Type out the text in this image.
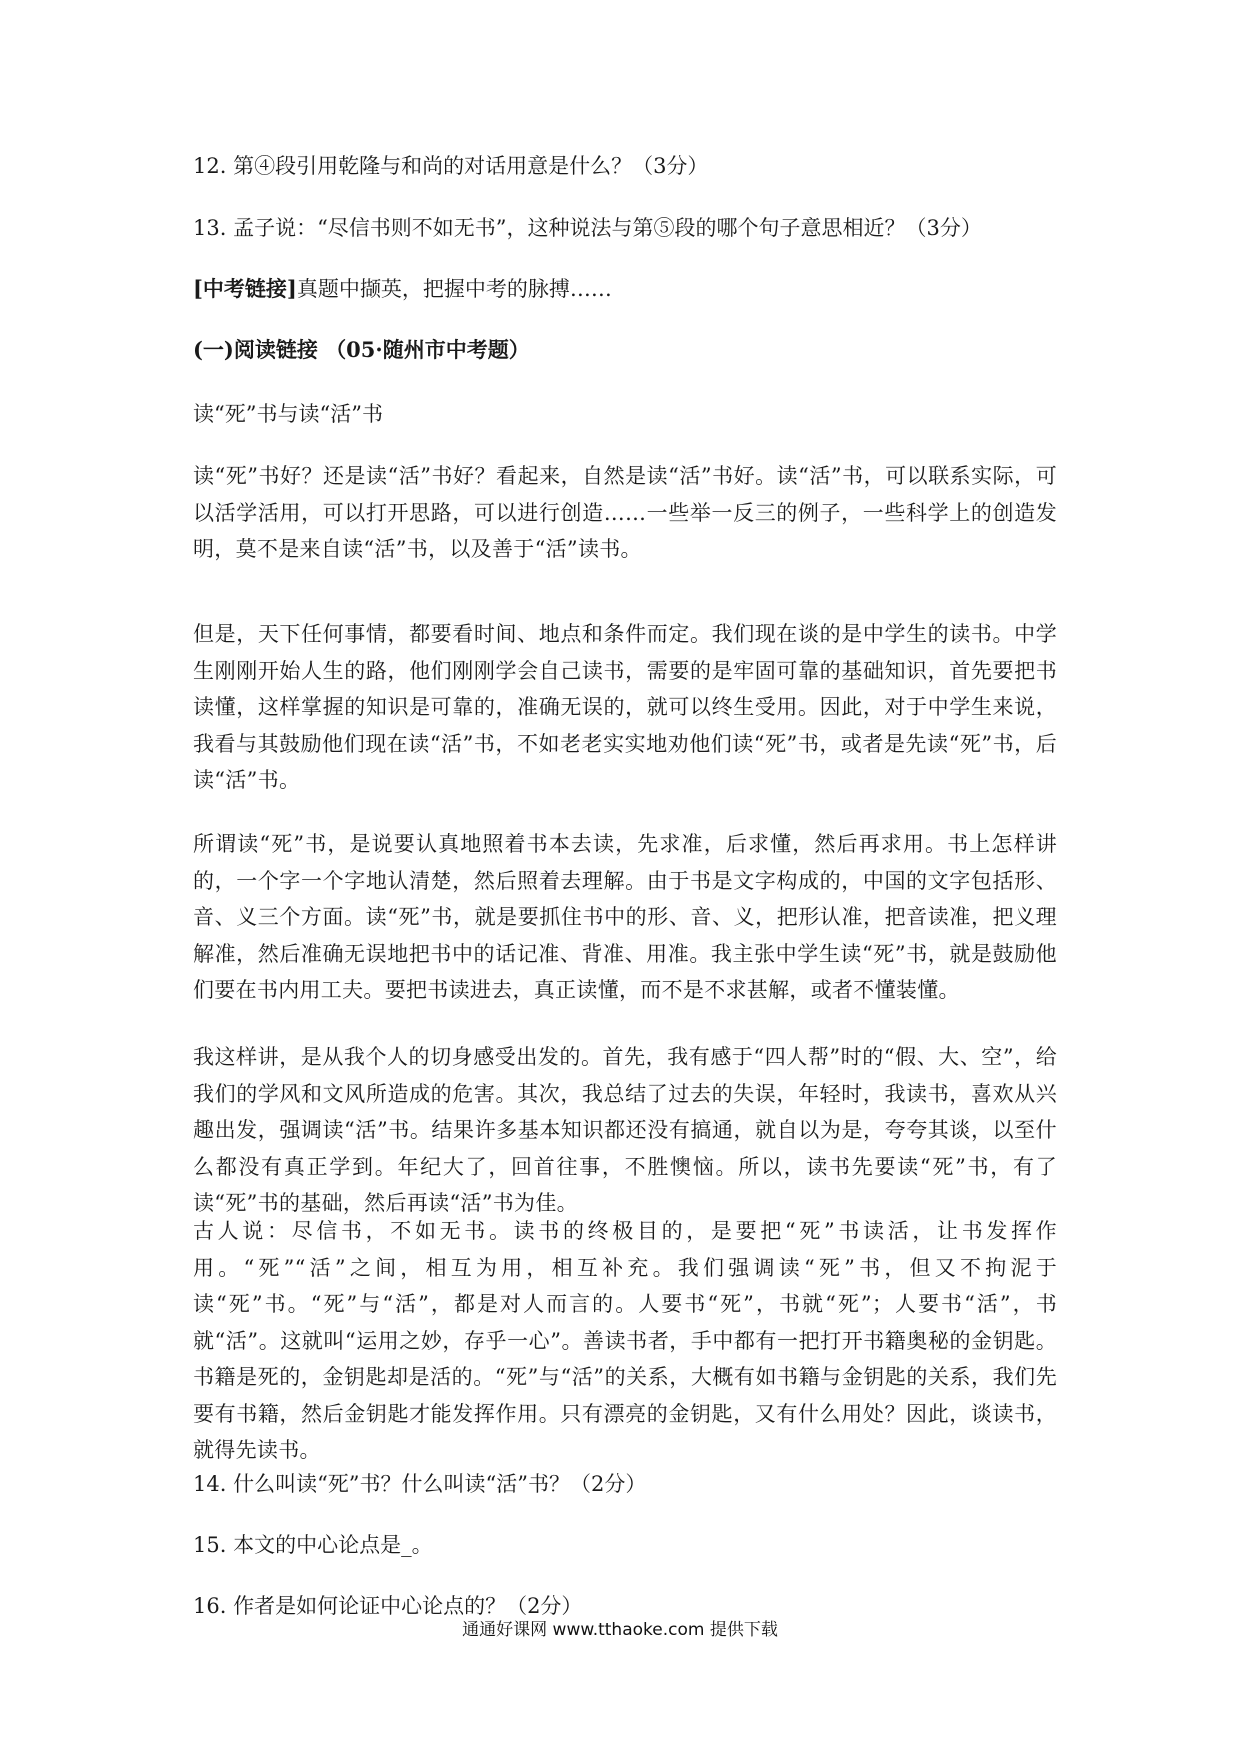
12. 第④段引用乾隆与和尚的对话用意是什么？（3分）

13. 孟子说：“尽信书则不如无书”，这种说法与第⑤段的哪个句子意思相近？（3分）

[中考链接]真题中撷英，把握中考的脉搏……

(一)阅读链接 （05·随州市中考题）

读“死”书与读“活”书

读“死”书好？还是读“活”书好？看起来，自然是读“活”书好。读“活”书，可以联系实际，可以活学活用，可以打开思路，可以进行创造……一些举一反三的例子，一些科学上的创造发明，莫不是来自读“活”书，以及善于“活”读书。

但是，天下任何事情，都要看时间、地点和条件而定。我们现在谈的是中学生的读书。中学生刚刚开始人生的路，他们刚刚学会自己读书，需要的是牢固可靠的基础知识，首先要把书读懂，这样掌握的知识是可靠的，准确无误的，就可以终生受用。因此，对于中学生来说，我看与其鼓励他们现在读“活”书，不如老老实实地劝他们读“死”书，或者是先读“死”书，后读“活”书。

所谓读“死”书，是说要认真地照着书本去读，先求准，后求懂，然后再求用。书上怎样讲的，一个字一个字地认清楚，然后照着去理解。由于书是文字构成的，中国的文字包括形、音、义三个方面。读“死”书，就是要抓住书中的形、音、义，把形认准，把音读准，把义理解准，然后准确无误地把书中的话记准、背准、用准。我主张中学生读“死”书，就是鼓励他们要在书内用工夫。要把书读进去，真正读懂，而不是不求甚解，或者不懂装懂。

我这样讲，是从我个人的切身感受出发的。首先，我有感于“四人帮”时的“假、大、空”，给我们的学风和文风所造成的危害。其次，我总结了过去的失误，年轻时，我读书，喜欢从兴趣出发，强调读“活”书。结果许多基本知识都还没有搞通，就自以为是，夸夸其谈，以至什么都没有真正学到。年纪大了，回首往事，不胜懊恼。所以，读书先要读“死”书，有了读“死”书的基础，然后再读“活”书为佳。

古人说：尽信书，不如无书。读书的终极目的，是要把“死”书读活，让书发挥作用。“死”“活”之间，相互为用，相互补充。我们强调读“死”书，但又不拘泥于读“死”书。“死”与“活”，都是对人而言的。人要书“死”，书就“死”；人要书“活”，书就“活”。这就叫“运用之妙，存乎一心”。善读书者，手中都有一把打开书籍奥秘的金钥匙。书籍是死的，金钥匙却是活的。“死”与“活”的关系，大概有如书籍与金钥匙的关系，我们先要有书籍，然后金钥匙才能发挥作用。只有漂亮的金钥匙，又有什么用处？因此，谈读书，就得先读书。

14. 什么叫读“死”书？什么叫读“活”书？（2分）

15. 本文的中心论点是_。

16. 作者是如何论证中心论点的？（2分）

通通好课网 www.tthaoke.com 提供下载
